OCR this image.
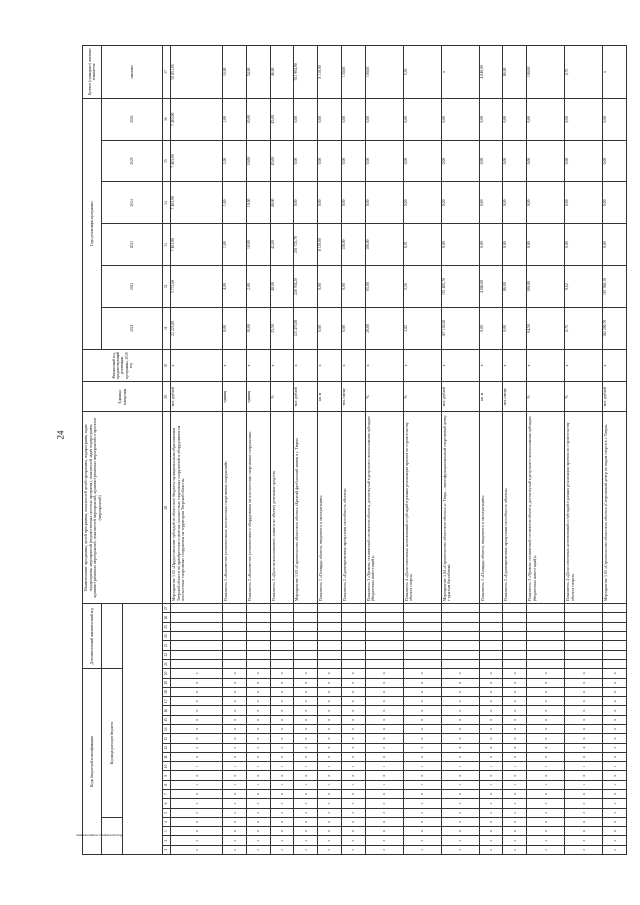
24
Коды бюджетной классификации																				Дополнительный аналитический код							Наименование программы, целей программы, показателей целей программы, подпрограмм, задач подпрограмм, мероприятий (ведомственных целевых программ), показателей задач подпрограмм, административных мероприятий, показателей мероприятий, административных мероприятий и проектов (мероприятий)	Единица измерения	Финансовый год, предшествующий реализации программы, 2019 год	Годы реализации программы						Целевое (суммарное) значение показателя
Код программы, подпрограммы				Код вида расходов бюджета																										2021	2022	2023	2024	2025	2026	значение

1	2	3	4	5	6	7	8	9	10	11	12	13	14	15	16	17	18	19	20	21	22	23	24	25	26	27	28	29	30	31	32	33	34	35	36	37
2	2	0	0	2	2	0	1	0	1	0	2	0	0	0	0	0	0	0	2								Мероприятие 1.02 «Предоставление субсидий из областного бюджета муниципальным образованиям Тверской области на приобретение и монтаж плоскостных спортивных сооружений и оборудования на плоскостные спортивные сооружения на территории Тверской области»	тыс. рублей	х	22 223,85	3 772,60	7 463,90	7 463,90	7 463,90	7 463,90	55 851,05
2	2	0	0	2	2	0	1	0	1	0	2	0	0	0	0	0	0	0	0								Показатель 1 «Количество установленных плоскостных спортивных сооружений»	единиц	х	8,00	4,00	1,00	1,00	1,00	1,00	16,00
2	2	0	0	2	2	0	1	0	1	0	2	0	0	0	0	0	0	0	0								Показатель 2 «Количество установленного оборудования на плоскостные спортивные сооружения»	единиц	х	10,00	2,00	10,00	10,00	10,00	10,00	54,00
2	2	0	0	2	2	0	1	0	1	0	2	0	0	0	0	0	0	0	0								Показатель 3 «Доля использованного лимита по объекту денежных средств»	%	х	25,50	40,00	42,00	40,00	45,00	45,00	46,00
2	2	0	0	2	2	0	1	0	1	0	3	0	0	0	0	0	0	0	0								Мероприятие 1.03 «Строительство областного объекта «Крытый футбольный манеж в г. Твери»	тыс. рублей	х	123 475,00	226 704,20	201 725,70	0,00	0,00	0,00	551 904,90
2	2	0	0	2	2	0	1	0	1	0	3	0	0	0	0	0	0	0	0								Показатель 1 «Площадь объекта, введенного в эксплуатацию»	кв. м	х	0,00	0,00	8 110,00	0,00	0,00	0,00	8 110,00
2	2	0	0	2	2	0	1	0	1	0	3	0	0	0	0	0	0	0	0								Показатель 2 «Единовременная пропускная способность объекта»	чел./смену	х	0,00	0,00	130,00	0,00	0,00	0,00	130,00
2	2	0	0	2	2	0	1	0	1	0	3	0	0	0	0	0	0	0	0								Показатель 3 «Уровень технической готовности объекта, достигнутый в результате использования субсидии (бюджетных инвестиций)»	%	х	29,00	65,00	100,00	0,00	0,00	0,00	100,00
2	2	0	0	2	2	0	1	0	1	0	3	0	0	0	0	0	0	0	0								Показатель 4 «Доля освоенных ассигнований и субсидий в рамках реализации проекта по строительству объекта спорта»	%	х	2,82	5,56	0,91	0,00	0,00	0,00	5,56
2	2	0	0	2	2	0	1	0	1	0	4	0	0	0	0	0	0	0	0								Мероприятие 1.04 «Строительство областного объекта «г. Тверь – многофункциональный спортивный центр с крытым бассейном»	тыс. рублей	х	167 102,60	151 465,70	0,00	0,00	0,00	0,00	х
2	2	0	0	2	2	0	1	0	1	0	4	0	0	0	0	0	0	0	0								Показатель 1 «Площадь объекта, введенного в эксплуатацию»	кв. м	х	0,00	4 040,00	0,00	0,00	0,00	0,00	4 040,00
2	2	0	0	2	2	0	1	0	1	0	4	0	0	0	0	0	0	0	0								Показатель 2 «Единовременная пропускная способность объекта»	чел./смену	х	0,00	86,00	0,00	0,00	0,00	0,00	86,00
2	2	0	0	2	2	0	1	0	1	0	4	0	0	0	0	0	0	0	0								Показатель 3 «Уровень технической готовности объекта, достигнутый в результате использования субсидии (бюджетных инвестиций)»	%	х	64,50	100,00	0,00	0,00	0,00	0,00	100,00
2	2	0	0	2	2	0	1	0	1	0	4	0	0	0	0	0	0	0	0								Показатель 4 «Доля освоенных ассигнований и субсидий в рамках реализации проекта по строительству объекта спорта»	%	х	0,75	0,62	0,00	0,00	0,00	0,00	0,75
2	2	0	0	2	2	0	1	0	1	0	5	0	0	0	0	0	0	0	0								Мероприятие 1.05 «Строительство областного объекта «Спортивный центр по видам спорта в г. Твери»	тыс. рублей	х	182 290,70	167 366,10	0,00	0,00	0,00	0,00	х
